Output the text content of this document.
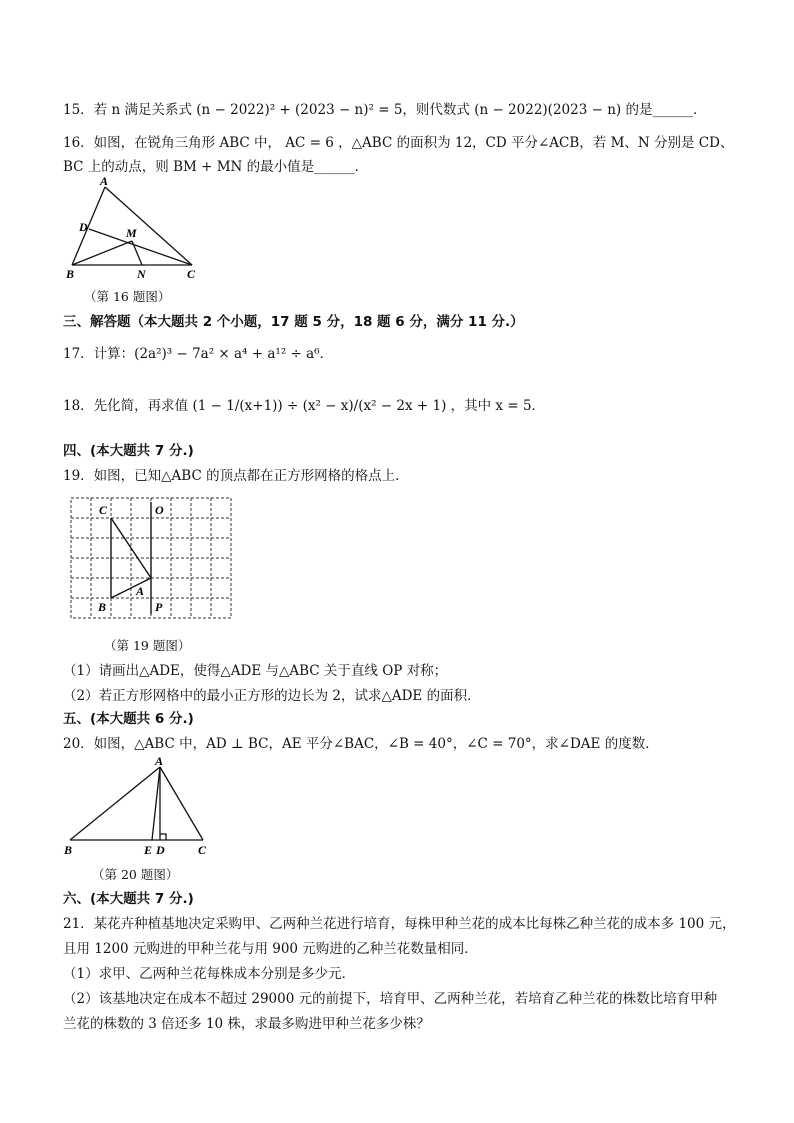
15．若 n 满足关系式 (n − 2022)² + (2023 − n)² = 5，则代数式 (n − 2022)(2023 − n) 的是______．
16．如图，在锐角三角形 ABC 中， AC = 6 ，△ABC 的面积为 12，CD 平分∠ACB，若 M、N 分别是 CD、
BC 上的动点，则 BM + MN 的最小值是______．
A
D	M
B	N	C
（第 16 题图）
三、解答题（本大题共 2 个小题，17 题 5 分，18 题 6 分，满分 11 分.）
17．计算：(2a²)³ − 7a² × a⁴ + a¹² ÷ a⁶．
18．先化简，再求值 (1 − 1/(x+1)) ÷ (x² − x)/(x² − 2x + 1) ，其中 x = 5．
四、(本大题共 7 分.)
19．如图，已知△ABC 的顶点都在正方形网格的格点上．
C	O
A
B	P
（第 19 题图）
（1）请画出△ADE，使得△ADE 与△ABC 关于直线 OP 对称；
（2）若正方形网格中的最小正方形的边长为 2，试求△ADE 的面积．
五、(本大题共 6 分.)
20．如图，△ABC 中，AD ⊥ BC，AE 平分∠BAC，∠B = 40°，∠C = 70°，求∠DAE 的度数．
A
B	E D	C
（第 20 题图）
六、(本大题共 7 分.)
21．某花卉种植基地决定采购甲、乙两种兰花进行培育，每株甲种兰花的成本比每株乙种兰花的成本多 100 元，
且用 1200 元购进的甲种兰花与用 900 元购进的乙种兰花数量相同．
（1）求甲、乙两种兰花每株成本分别是多少元．
（2）该基地决定在成本不超过 29000 元的前提下，培育甲、乙两种兰花，若培育乙种兰花的株数比培育甲种
兰花的株数的 3 倍还多 10 株，求最多购进甲种兰花多少株？
